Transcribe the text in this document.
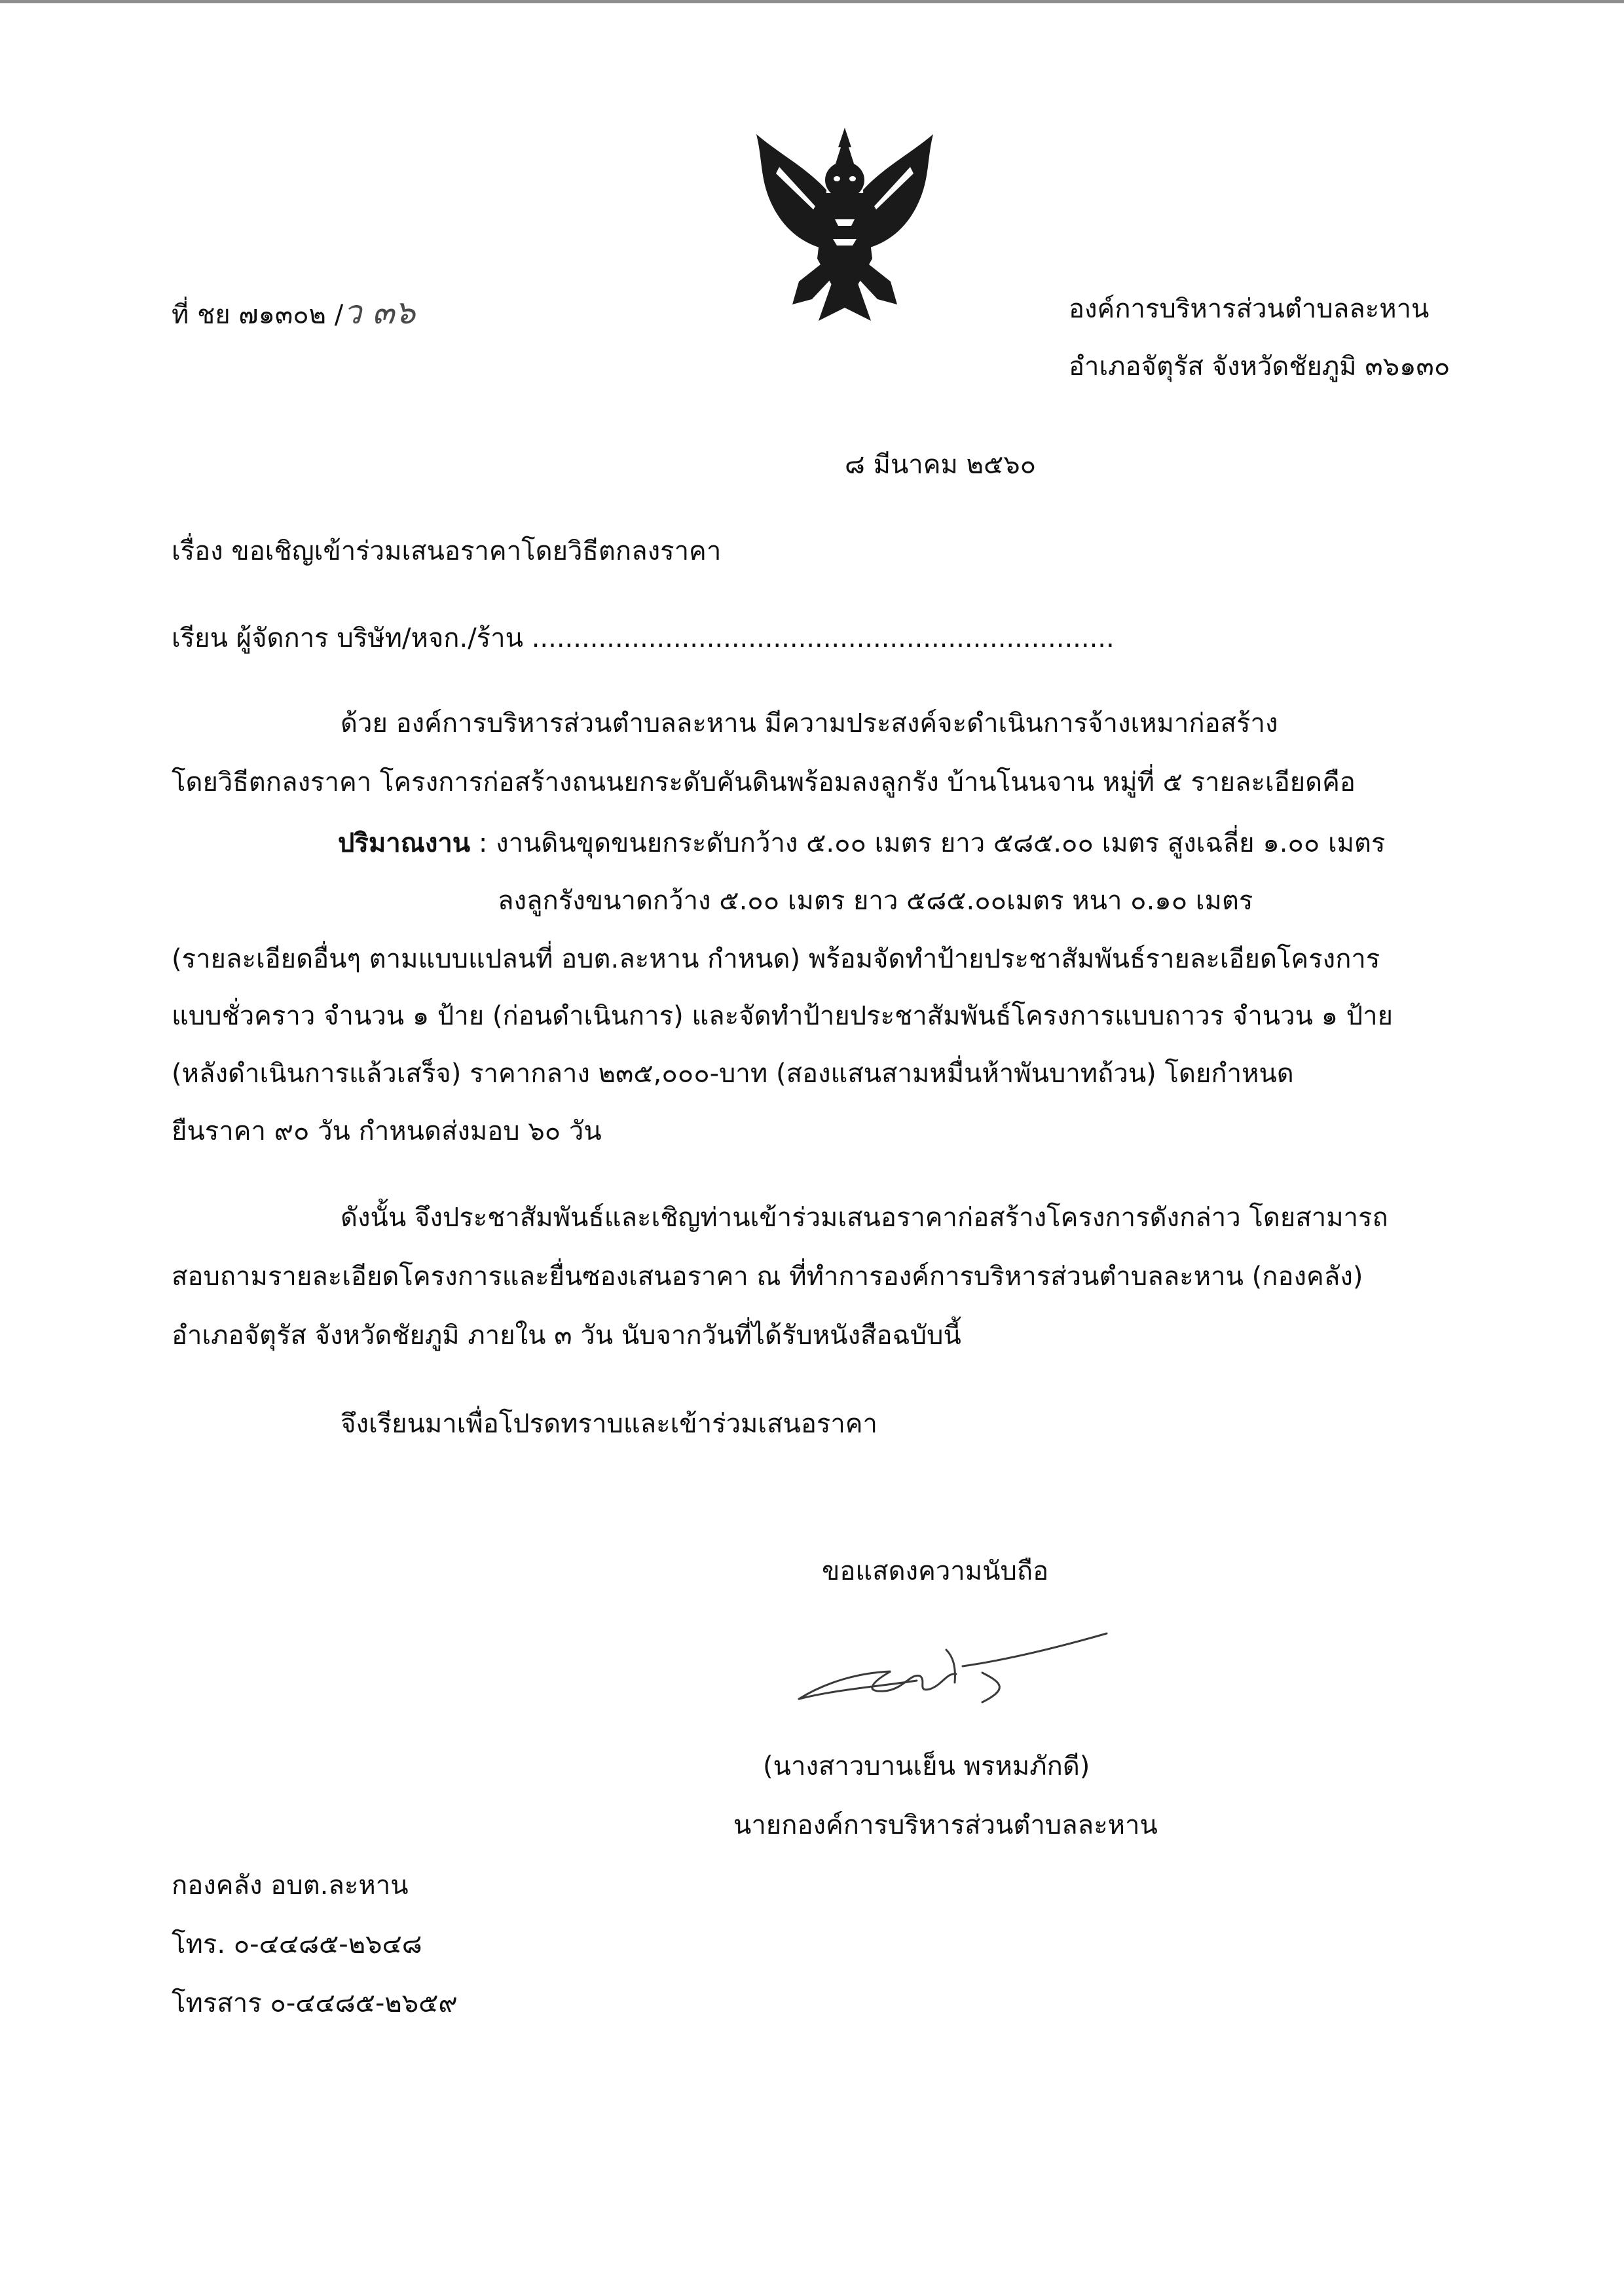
ที่ ชย ๗๑๓๐๒ /ว ๓๖	องค์การบริหารส่วนตำบลละหาน
อำเภอจัตุรัส จังหวัดชัยภูมิ ๓๖๑๓๐
๘ มีนาคม ๒๕๖๐
เรื่อง ขอเชิญเข้าร่วมเสนอราคาโดยวิธีตกลงราคา
เรียน ผู้จัดการ บริษัท/หจก./ร้าน ......................................................................
ด้วย องค์การบริหารส่วนตำบลละหาน มีความประสงค์จะดำเนินการจ้างเหมาก่อสร้าง
โดยวิธีตกลงราคา โครงการก่อสร้างถนนยกระดับคันดินพร้อมลงลูกรัง บ้านโนนจาน หมู่ที่ ๕ รายละเอียดคือ
ปริมาณงาน : งานดินขุดขนยกระดับกว้าง ๕.๐๐ เมตร ยาว ๕๘๕.๐๐ เมตร สูงเฉลี่ย ๑.๐๐ เมตร
ลงลูกรังขนาดกว้าง ๕.๐๐ เมตร ยาว ๕๘๕.๐๐เมตร หนา ๐.๑๐ เมตร
(รายละเอียดอื่นๆ ตามแบบแปลนที่ อบต.ละหาน กำหนด) พร้อมจัดทำป้ายประชาสัมพันธ์รายละเอียดโครงการ
แบบชั่วคราว จำนวน ๑ ป้าย (ก่อนดำเนินการ) และจัดทำป้ายประชาสัมพันธ์โครงการแบบถาวร จำนวน ๑ ป้าย
(หลังดำเนินการแล้วเสร็จ) ราคากลาง ๒๓๕,๐๐๐-บาท (สองแสนสามหมื่นห้าพันบาทถ้วน) โดยกำหนด
ยืนราคา ๙๐ วัน กำหนดส่งมอบ ๖๐ วัน
ดังนั้น จึงประชาสัมพันธ์และเชิญท่านเข้าร่วมเสนอราคาก่อสร้างโครงการดังกล่าว โดยสามารถ
สอบถามรายละเอียดโครงการและยื่นซองเสนอราคา ณ ที่ทำการองค์การบริหารส่วนตำบลละหาน (กองคลัง)
อำเภอจัตุรัส จังหวัดชัยภูมิ ภายใน ๓ วัน นับจากวันที่ได้รับหนังสือฉบับนี้
จึงเรียนมาเพื่อโปรดทราบและเข้าร่วมเสนอราคา
ขอแสดงความนับถือ
(นางสาวบานเย็น พรหมภักดี)
นายกองค์การบริหารส่วนตำบลละหาน
กองคลัง อบต.ละหาน
โทร. ๐-๔๔๘๕-๒๖๔๘
โทรสาร ๐-๔๔๘๕-๒๖๕๙
